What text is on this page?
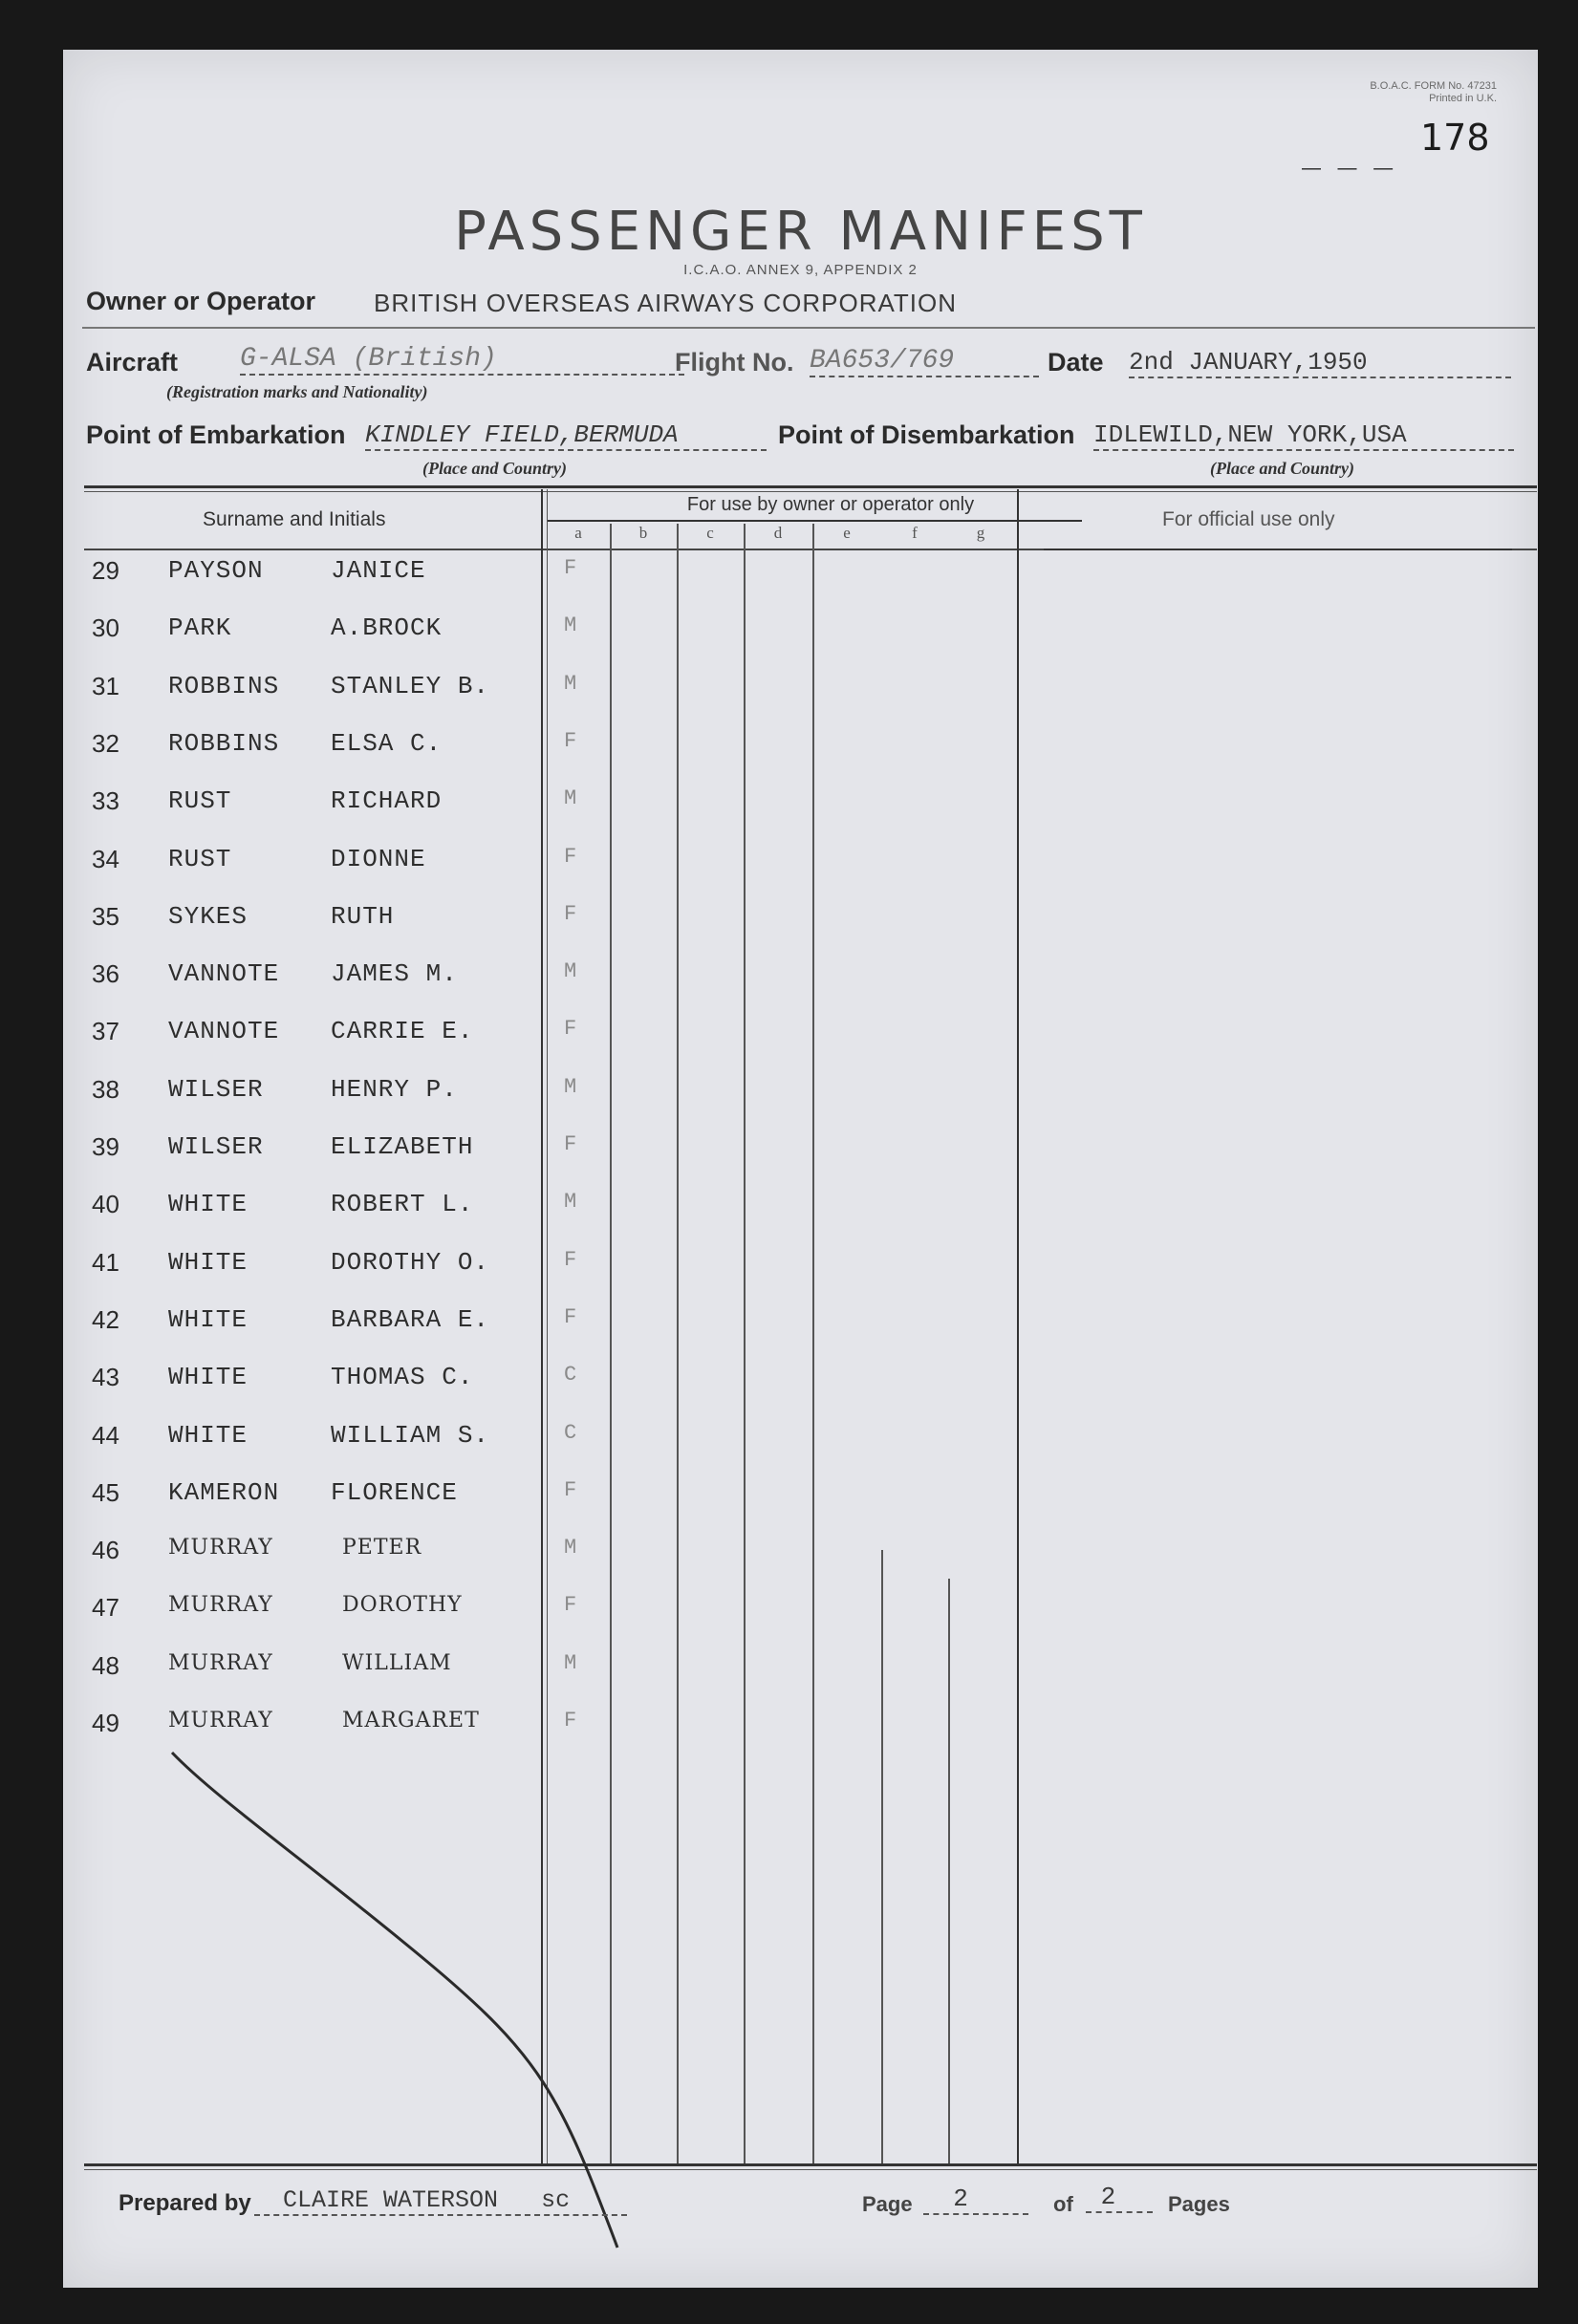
B.O.A.C. FORM No. 47231
Printed in U.K.
— — —
178
PASSENGER MANIFEST
I.C.A.O. ANNEX 9, APPENDIX 2
Owner or Operator BRITISH OVERSEAS AIRWAYS CORPORATION
Aircraft G-ALSA (British)
(Registration marks and Nationality)
Flight No. BA653/769	Date 2nd JANUARY,1950
Point of Embarkation KINDLEY FIELD,BERMUDA
(Place and Country)
Point of Disembarkation IDLEWILD,NEW YORK,USA
(Place and Country)
Surname and Initials
For use by owner or operator only
For official use only
a	b	c	d	e	f	g
29 PAYSON	JANICE	F
30 PARK	A.BROCK	M
31 ROBBINS STANLEY B.	M
32 ROBBINS ELSA C.	F
33 RUST	RICHARD	M
34 RUST	DIONNE	F
35 SYKES	RUTH	F
36 VANNOTE JAMES M.	M
37 VANNOTE CARRIE E.	F
38 WILSER	HENRY P.	M
39 WILSER	ELIZABETH	F
40 WHITE	ROBERT L.	M
41 WHITE	DOROTHY O.	F
42 WHITE	BARBARA E.	F
43 WHITE	THOMAS C.	C
44 WHITE	WILLIAM S.	C
45 KAMERON FLORENCE	F
46 MURRAY	PETER	M
47 MURRAY	DOROTHY	F
48 MURRAY	WILLIAM	M
49 MURRAY	MARGARET	F
Prepared by	CLAIRE WATERSON sc	Page	2	of	2	Pages
